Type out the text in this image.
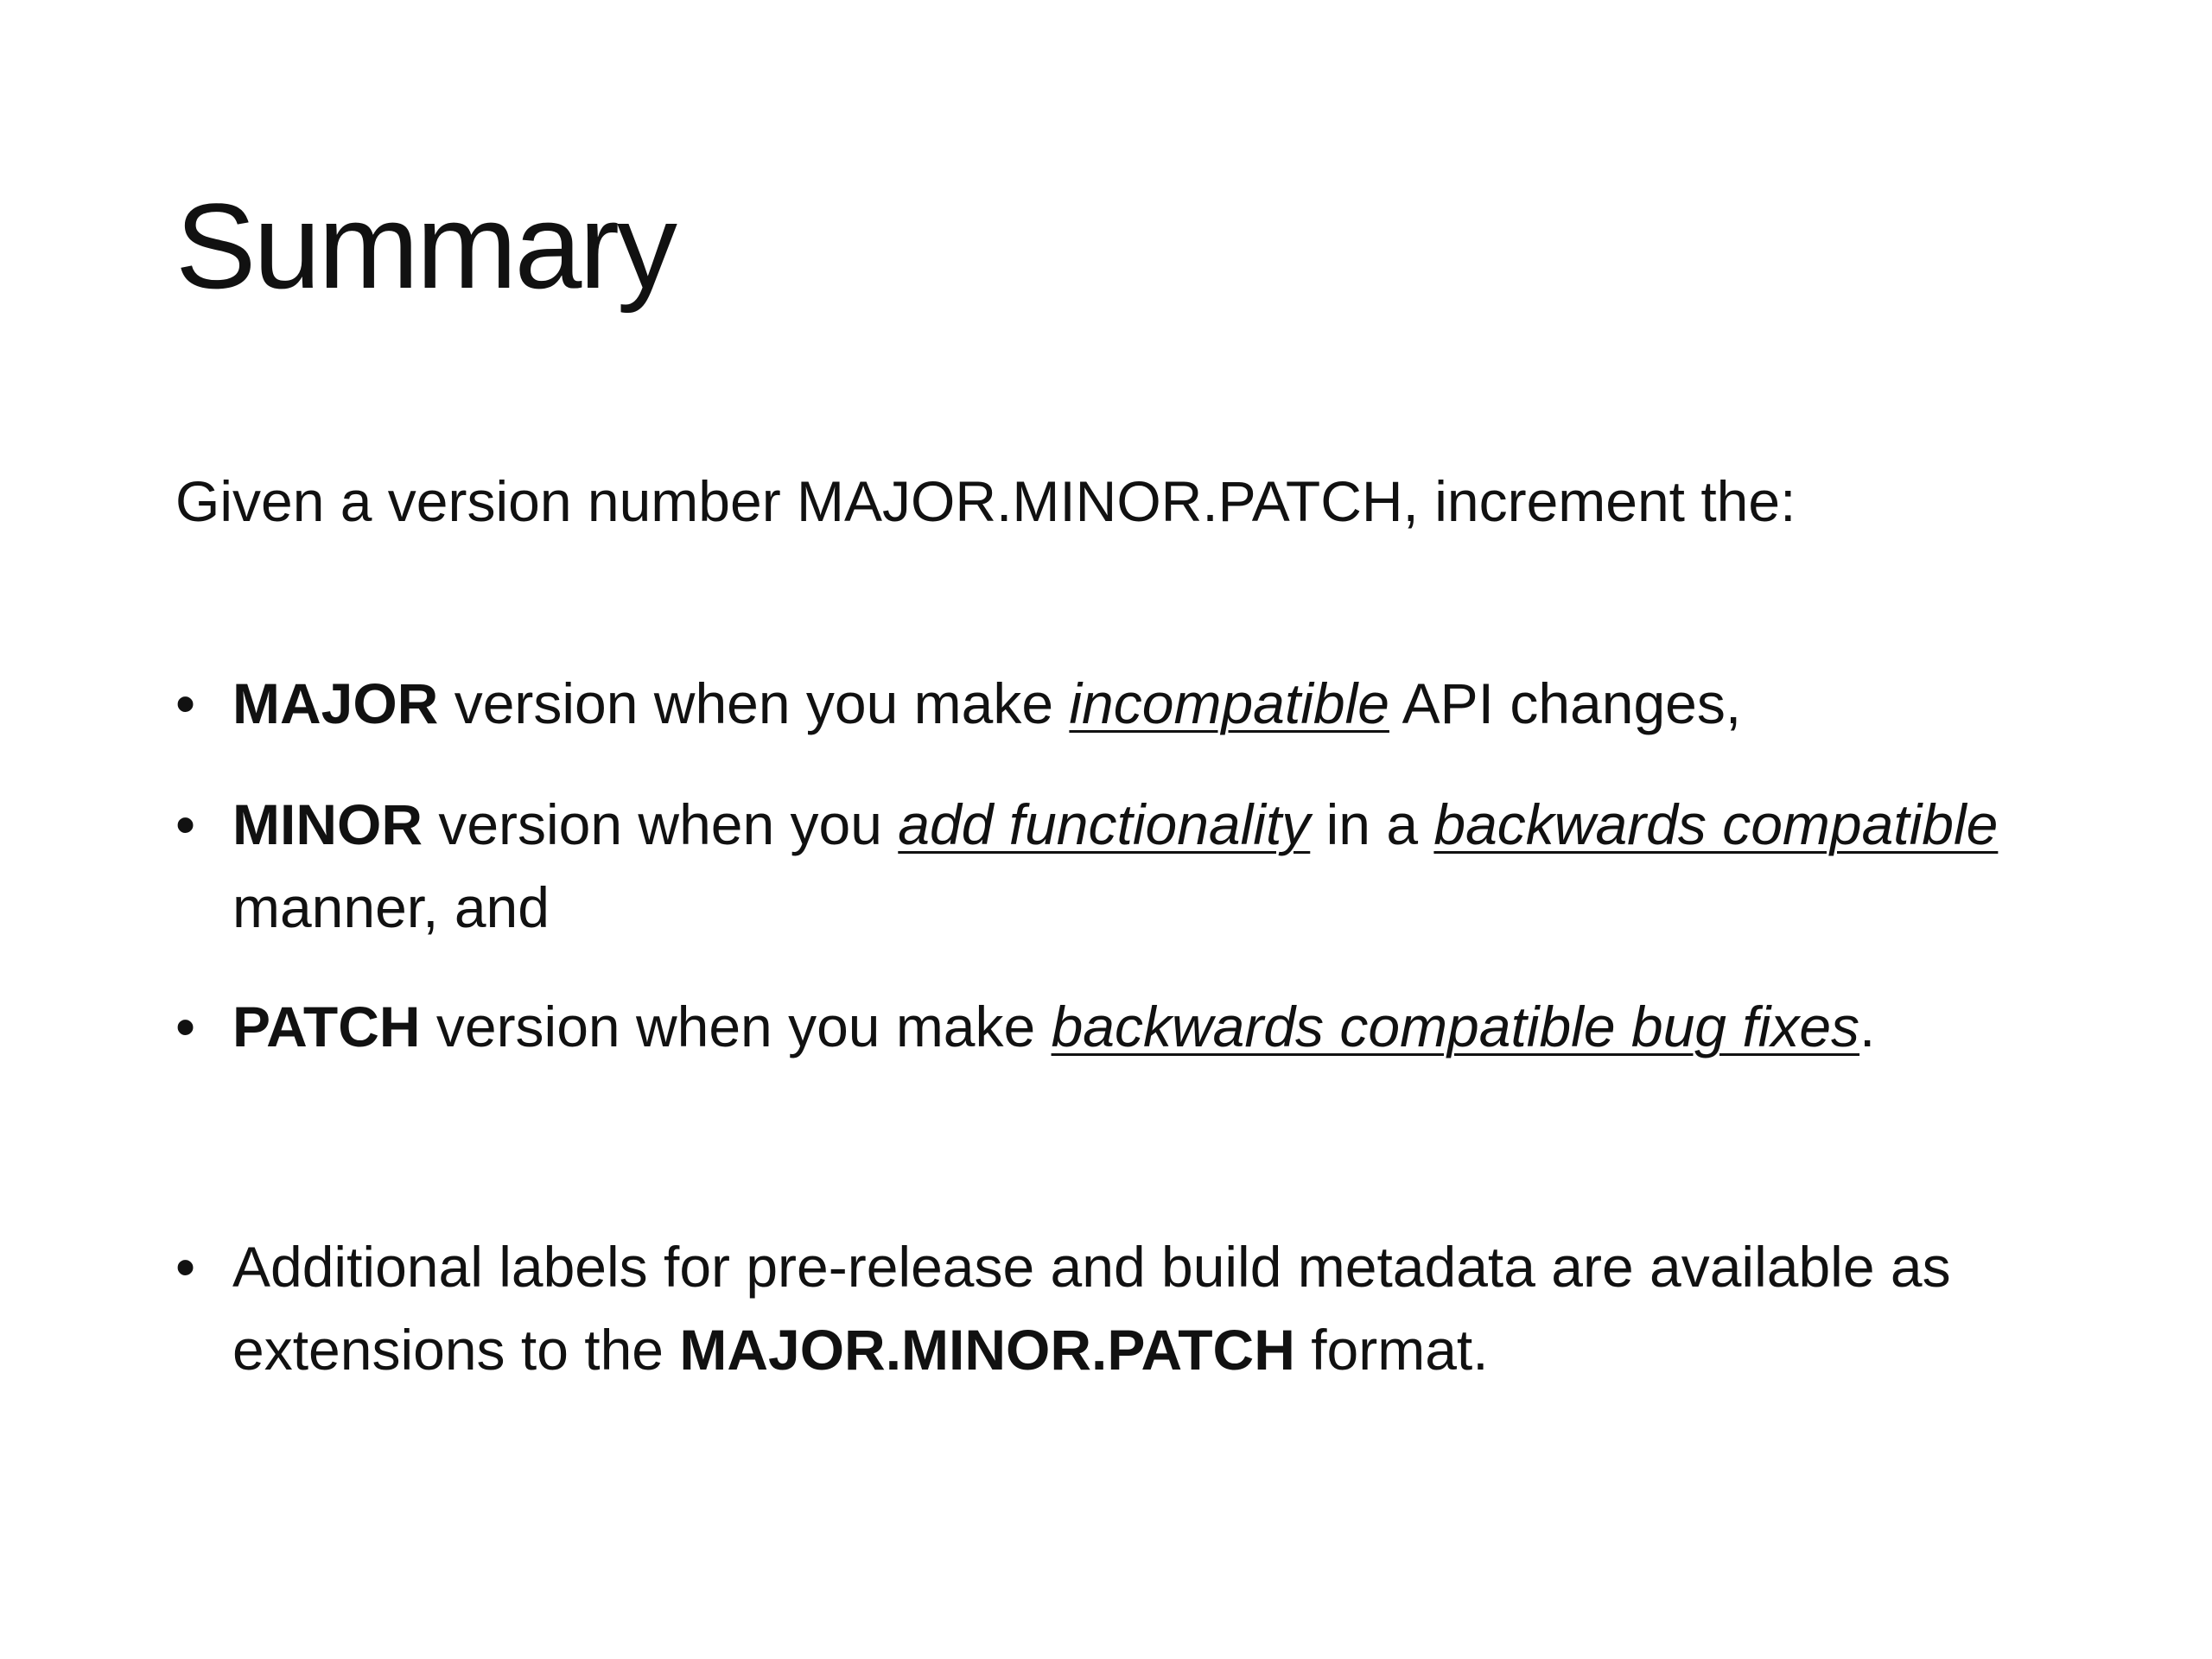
Summary

Given a version number MAJOR.MINOR.PATCH, increment the:

• MAJOR version when you make incompatible API changes,
• MINOR version when you add functionality in a backwards compatible manner, and
• PATCH version when you make backwards compatible bug fixes.
• Additional labels for pre-release and build metadata are available as extensions to the MAJOR.MINOR.PATCH format.
